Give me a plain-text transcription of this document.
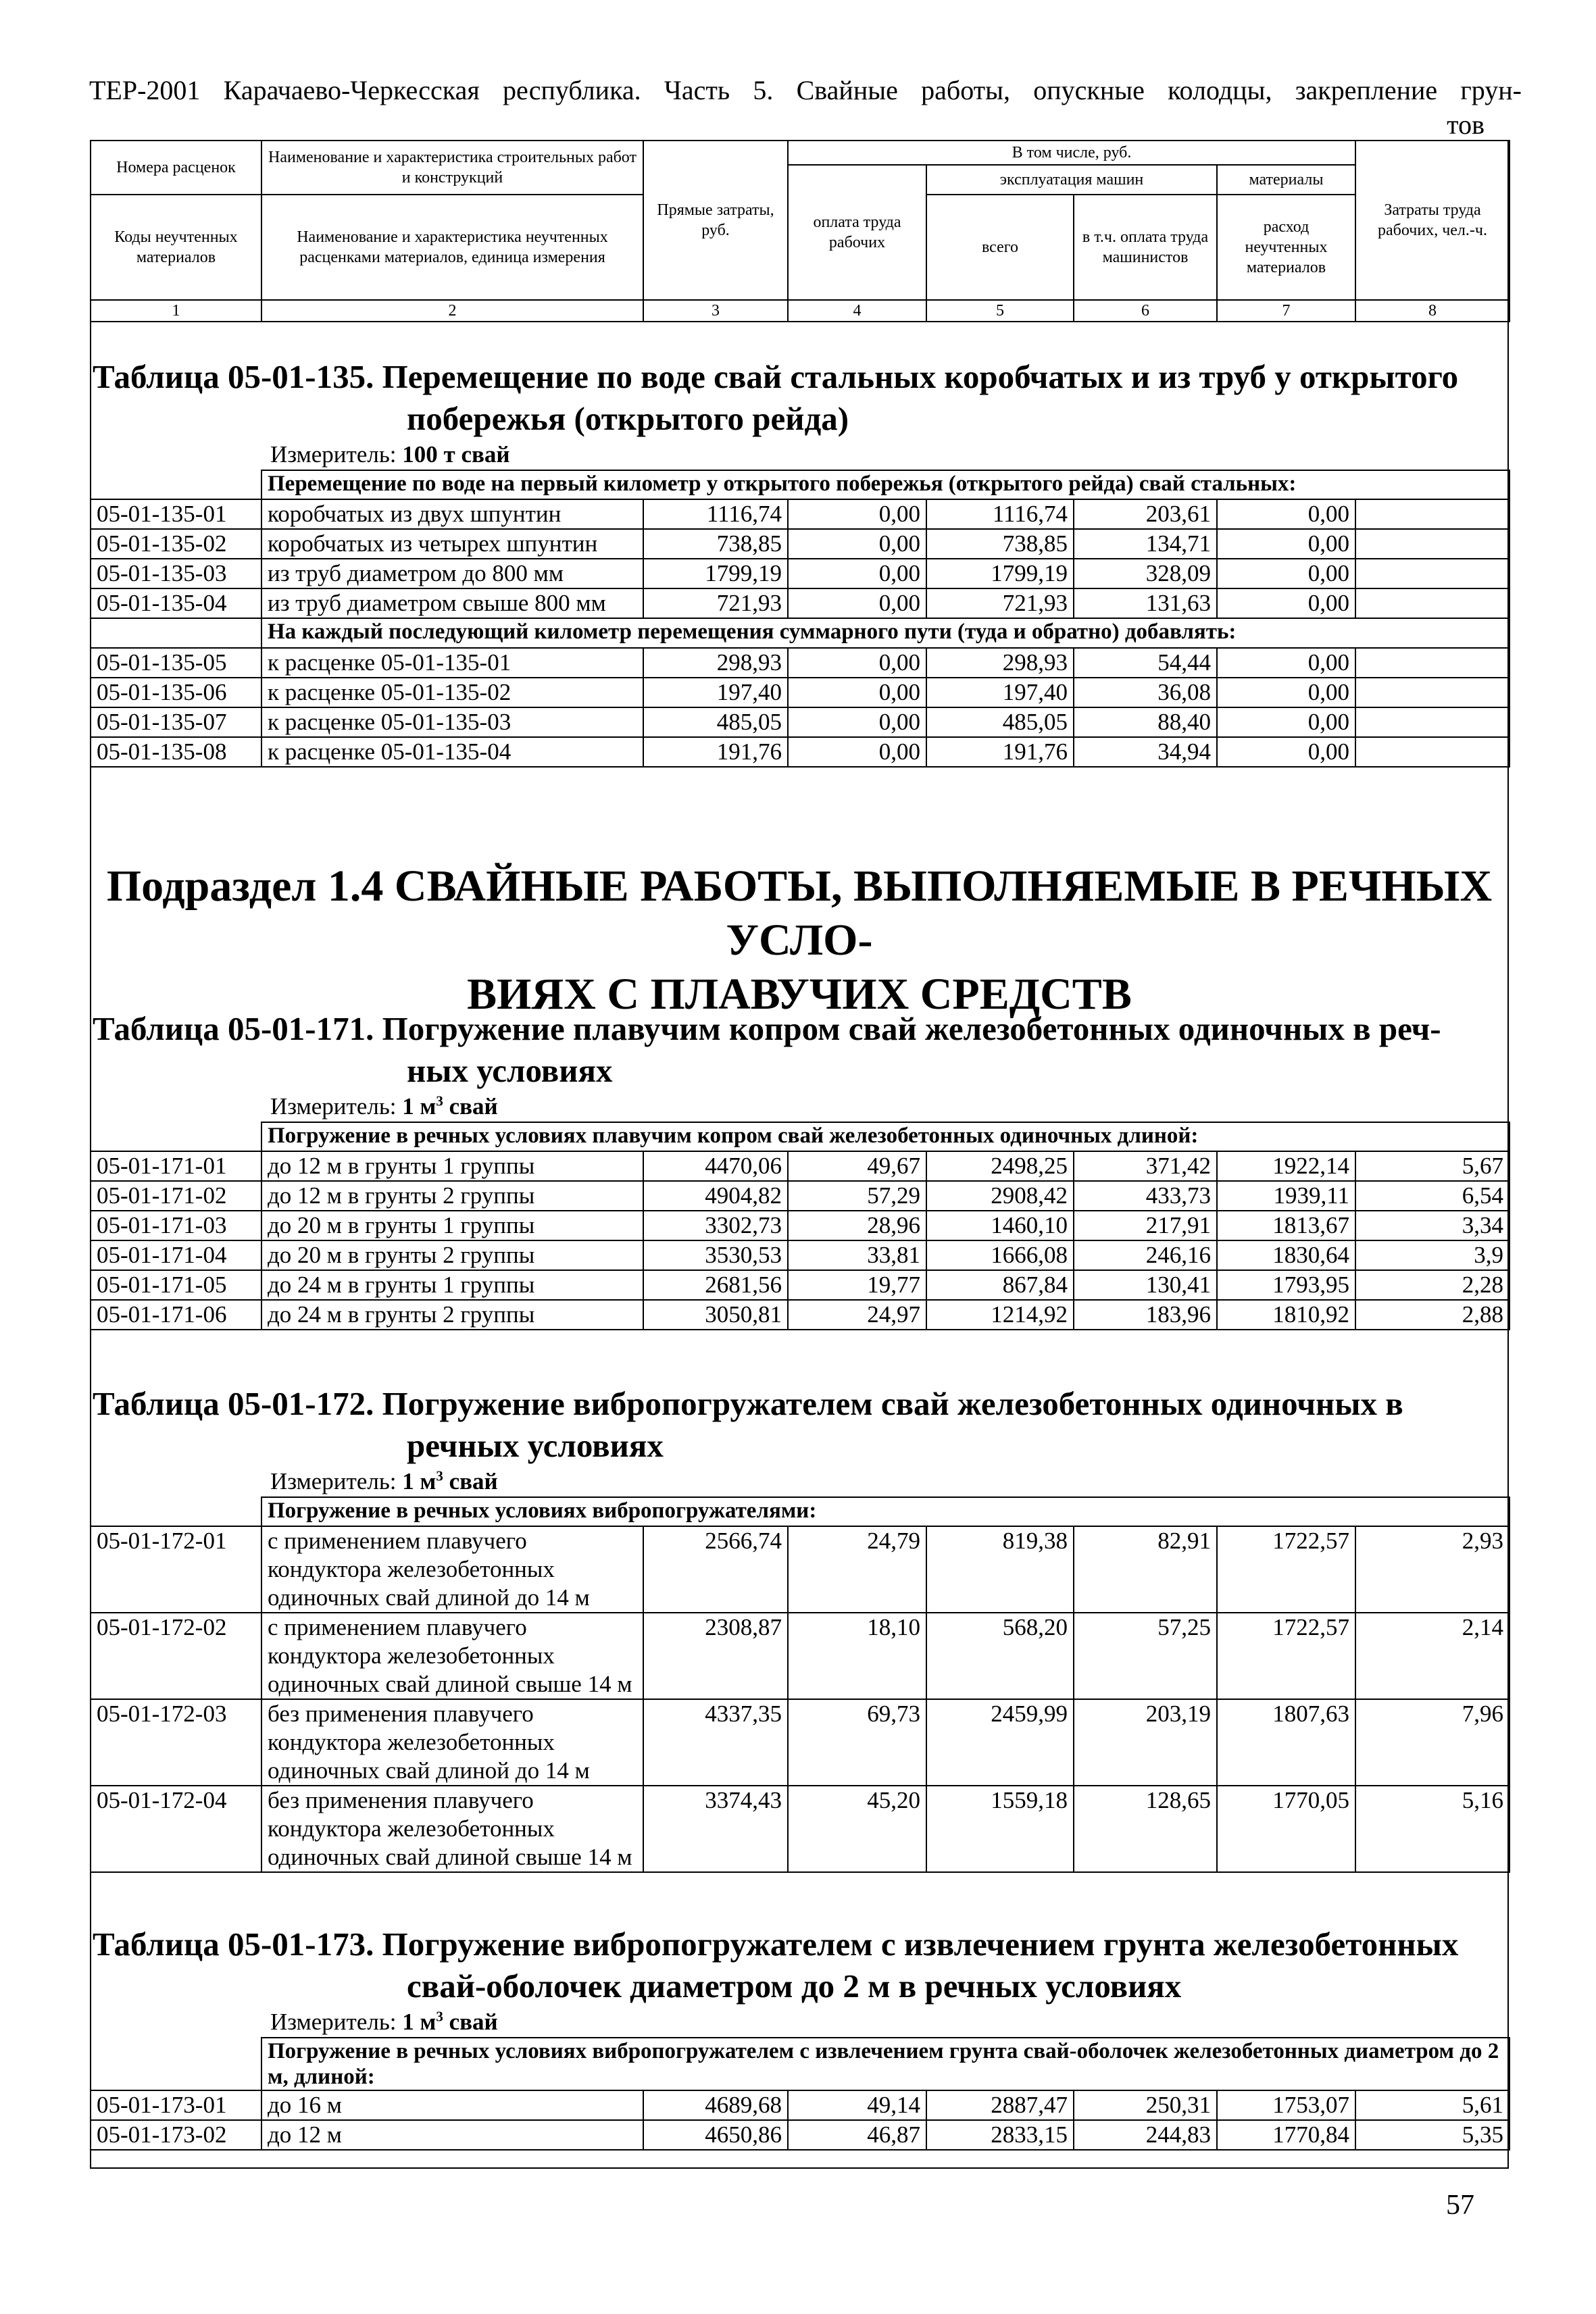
ТЕР-2001 Карачаево-Черкесская республика. Часть 5. Свайные работы, опускные колодцы, закрепление грун-
тов
Номера расценок	Наименование и характеристика строительных работ и конструкций	Прямые затраты, руб.	В том числе, руб.				Затраты труда рабочих, чел.-ч.
			оплата труда рабочих	эксплуатация машин		материалы	
Коды неучтенных материалов	Наименование и характеристика неучтенных расценками материалов, единица измерения			всего	в т.ч. оплата труда машинистов	расход неучтенных материалов	

1	2	3	4	5	6	7	8

Таблица 05-01-135. Перемещение по воде свай стальных коробчатых и из труб у открытого
побережья (открытого рейда)

Измеритель: 100 т свай
	Перемещение по воде на первый километр у открытого побережья (открытого рейда) свай стальных:						
05-01-135-01	коробчатых из двух шпунтин	1116,74	0,00	1116,74	203,61	0,00	
05-01-135-02	коробчатых из четырех шпунтин	738,85	0,00	738,85	134,71	0,00	
05-01-135-03	из труб диаметром до 800 мм	1799,19	0,00	1799,19	328,09	0,00	
05-01-135-04	из труб диаметром свыше 800 мм	721,93	0,00	721,93	131,63	0,00	
	На каждый последующий километр перемещения суммарного пути (туда и обратно) добавлять:						
05-01-135-05	к расценке 05-01-135-01	298,93	0,00	298,93	54,44	0,00	
05-01-135-06	к расценке 05-01-135-02	197,40	0,00	197,40	36,08	0,00	
05-01-135-07	к расценке 05-01-135-03	485,05	0,00	485,05	88,40	0,00	
05-01-135-08	к расценке 05-01-135-04	191,76	0,00	191,76	34,94	0,00	

Подраздел 1.4 СВАЙНЫЕ РАБОТЫ, ВЫПОЛНЯЕМЫЕ В РЕЧНЫХ УСЛО-

ВИЯХ С ПЛАВУЧИХ СРЕДСТВ

Таблица 05-01-171. Погружение плавучим копром свай железобетонных одиночных в реч-
ных условиях

Измеритель: 1 $м^3$ свай
	Погружение в речных условиях плавучим копром свай железобетонных одиночных длиной:						
05-01-171-01	до 12 м в грунты 1 группы	4470,06	49,67	2498,25	371,42	1922,14	5,67
05-01-171-02	до 12 м в грунты 2 группы	4904,82	57,29	2908,42	433,73	1939,11	6,54
05-01-171-03	до 20 м в грунты 1 группы	3302,73	28,96	1460,10	217,91	1813,67	3,34
05-01-171-04	до 20 м в грунты 2 группы	3530,53	33,81	1666,08	246,16	1830,64	3,9
05-01-171-05	до 24 м в грунты 1 группы	2681,56	19,77	867,84	130,41	1793,95	2,28
05-01-171-06	до 24 м в грунты 2 группы	3050,81	24,97	1214,92	183,96	1810,92	2,88

Таблица 05-01-172. Погружение вибропогружателем свай железобетонных одиночных в
речных условиях

Измеритель: 1 $м^3$ свай
	Погружение в речных условиях вибропогружателями:						
05-01-172-01	с применением плавучего кондуктора железобетонных одиночных свай длиной до 14 м	2566,74	24,79	819,38	82,91	1722,57	2,93
05-01-172-02	с применением плавучего кондуктора железобетонных одиночных свай длиной свыше 14 м	2308,87	18,10	568,20	57,25	1722,57	2,14
05-01-172-03	без применения плавучего кондуктора железобетонных одиночных свай длиной до 14 м	4337,35	69,73	2459,99	203,19	1807,63	7,96
05-01-172-04	без применения плавучего кондуктора железобетонных одиночных свай длиной свыше 14 м	3374,43	45,20	1559,18	128,65	1770,05	5,16

Таблица 05-01-173. Погружение вибропогружателем с извлечением грунта железобетонных
свай-оболочек диаметром до 2 м в речных условиях

Измеритель: 1 $м^3$ свай
	Погружение в речных условиях вибропогружателем с извлечением грунта свай-оболочек железобетонных диаметром до 2 м, длиной:						
05-01-173-01	до 16 м	4689,68	49,14	2887,47	250,31	1753,07	5,61
05-01-173-02	до 12 м	4650,86	46,87	2833,15	244,83	1770,84	5,35
57
